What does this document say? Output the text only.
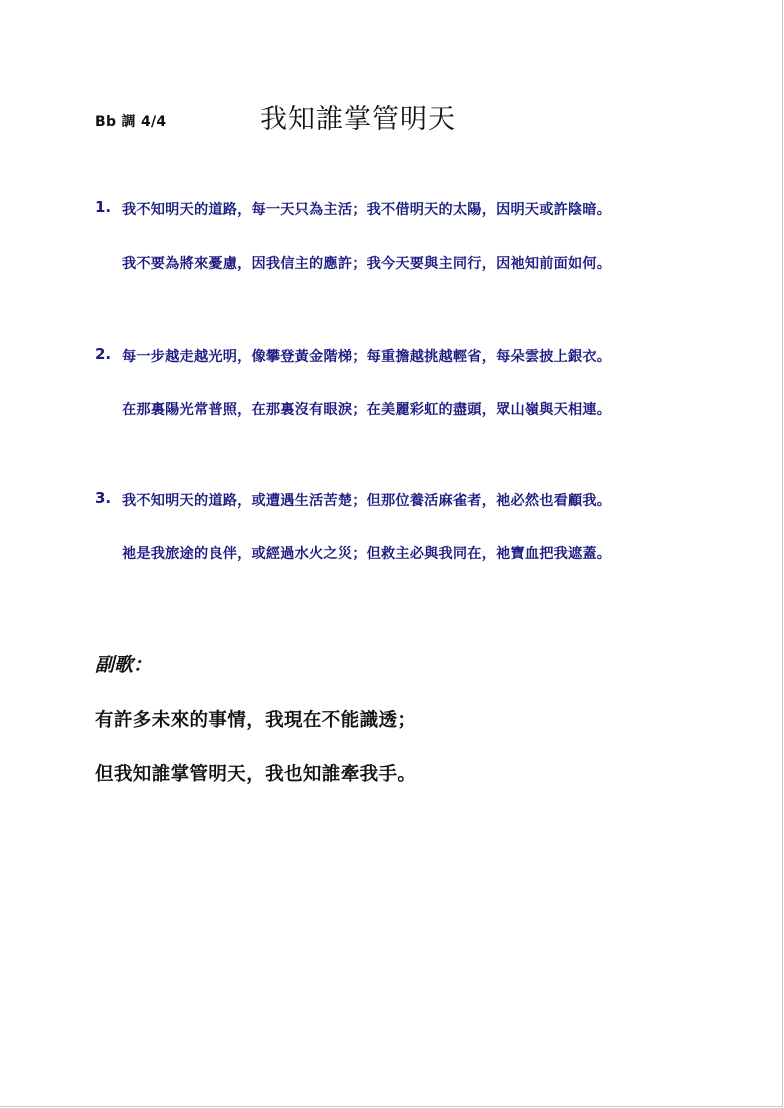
Bb 調 4/4	我知誰掌管明天
1. 我不知明天的道路，每一天只為主活；我不借明天的太陽，因明天或許陰暗。
我不要為將來憂慮，因我信主的應許；我今天要與主同行，因祂知前面如何。
2. 每一步越走越光明，像攀登黃金階梯；每重擔越挑越輕省，每朵雲披上銀衣。
在那裏陽光常普照，在那裏沒有眼淚；在美麗彩虹的盡頭，眾山嶺與天相連。
3. 我不知明天的道路，或遭遇生活苦楚；但那位養活麻雀者，祂必然也看顧我。
祂是我旅途的良伴，或經過水火之災；但救主必與我同在，祂寶血把我遮蓋。
副歌：
有許多未來的事情，我現在不能識透；
但我知誰掌管明天，我也知誰牽我手。
